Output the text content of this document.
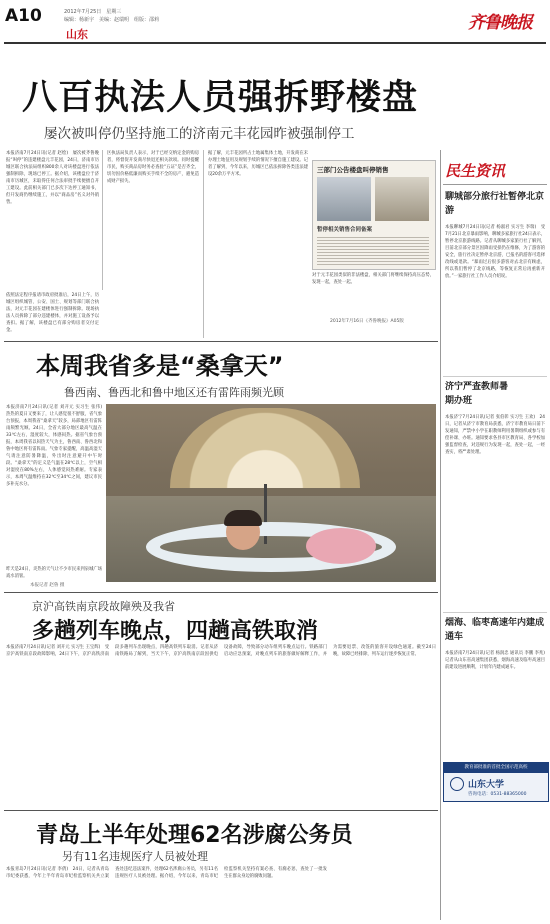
A10	2012年7月25日　星期三
编辑：杨新宇　美编：赵瑞明　组版：邵莉
山东
齐鲁晚报
八百执法人员强拆野楼盘
屡次被叫停仍坚持施工的济南元丰花园昨被强制停工
本报济南7月24日讯(记者 赵绘)　屡次被齐鲁晚报“叫停”的违建楼盘元丰花园，24日，济南市历城区联合执法局组织800余人对该楼盘进行依法强制拆除，现场已停工。据介绍，该楼盘位于济南市历城区，未取得任何合法审批手续便擅自开工建设。此前相关部门已多次下达停工通知书，但开发商仍继续施工，并以“商品房”名义对外销售。
依照法定程序报请市政府批准后，24日上午，历城区组织城管、公安、国土、规划等部门联合执法，对元丰花园在建楼体进行强制拆除。现场执法人员拆除了部分违建楼体，并对施工设备予以查扣。据了解，该楼盘已有部分购房者交付定金。
区执法局负责人表示，对于已经交纳定金的购房者，将督促开发商尽快退还相关款项。同时提醒市民，购买商品房时务必查验“五证”是否齐全，切勿因价格低廉而购买手续不全的房产，避免造成财产损失。
据了解，元丰花园所占土地属集体土地，开发商在未办理土地征用及规划手续的情况下擅自施工建设。记者了解到，今年以来，历城区已依法拆除各类违法建设20余万平方米。
三部门公告楼盘叫停销售
暂停相关销售合同备案
对于元丰花园类似的非法楼盘，相关部门将继续保持高压态势，发现一起，查处一起。
2012年7月16日《齐鲁晚报》A05版
民生资讯
聊城部分旅行社暂停北京游
本报聊城7月24日讯(记者 杨淑君 实习生 李瑞)　受7月21日北京暴雨影响，聊城多家旅行社24日表示，暂停北京旅游线路。记者从聊城多家旅行社了解到，目前北京部分景区因降雨受损仍在维修，为了游客的安全，旅行社决定暂停北京游，已报名的游客可选择改线或退款。“暴雨过后很多游客对去北京有顾虑，所以我们暂停了北京线路，等恢复正常后再重新开放。”一家旅行社工作人员介绍说。
济宁严查教师暑期办班
本报济宁7月24日讯(记者 张伯彰 实习生 王欢)　24日，记者从济宁市教育局获悉，济宁市教育局日前下发通知，严禁中小学在职教师利用暑期组织或参与有偿补课、办班。通知要求各县市区教育局、各学校加强监督检查，对违规行为发现一起，查处一起，一经查实，将严肃处理。
烟海、临枣高速年内建成通车
本报济南7月24日讯(记者 杨润忠 通讯员 李鹏 李兆)　记者从山东省高速集团获悉，烟海高速及临枣高速目前建设进展顺利，计划年内建成通车。
教育部批准的首批全国示范高校
山东大学
咨询电话：0531-88365000
本周我省多是“桑拿天”
鲁西南、鲁西北和鲁中地区还有雷阵雨频光顾
本报济南7月24日讯(记者 刘开元 实习生 张伟)　热热的夏日又要来了，让人感觉很不舒服，省气象台预报，本周我省“桑拿天”较多，局部地区有雷阵雨频繁光顾。24日，全省大部分地区最高气温在33℃左右，湿度较大，体感闷热。据省气象台预报，本周我省以闷热天气为主，鲁西南、鲁西北和鲁中地区将有雷阵雨。气象专家提醒，高温高湿天气请注意防暑降温，外出时注意避开中午时段。“桑拿天”的定义是气温在28℃以上，空气相对湿度在80%左右，人体感觉闷热难耐。专家表示，本周气温维持在32℃至34℃之间，建议市民多补充水分。
昨天是24日，炎热的天气让不少市民来到泉城广场戏水消暑。
本报记者 赵鲁 摄
京沪高铁南京段故障殃及我省
多趟列车晚点，四趟高铁取消
本报济南7月24日讯(记者 刘开元 实习生 王宝辉)　受京沪高铁南京段故障影响，24日下午，京沪高铁济南段多趟列车出现晚点，四趟高铁列车取消。记者从济南铁路局了解到，当天下午，京沪高铁南京段因供电设备故障，导致部分动车组列车晚点运行。铁路部门启动应急预案，对晚点列车的旅客做好解释工作，并为需要退票、改签的旅客开设绿色通道。截至24日晚，故障已经排除，列车运行逐步恢复正常。
青岛上半年处理62名涉腐公务员
另有11名违规医疗人员被处理
本报青岛7月24日讯(记者 李倩)　24日，记者从青岛市纪委获悉，今年上半年青岛市纪检监察机关共立案查处违纪违法案件，处理62名涉腐公务员，另有11名违规医疗人员被处理。据介绍，今年以来，青岛市纪检监察机关坚持有案必查、有腐必惩，查处了一批发生在群众身边的腐败问题。
